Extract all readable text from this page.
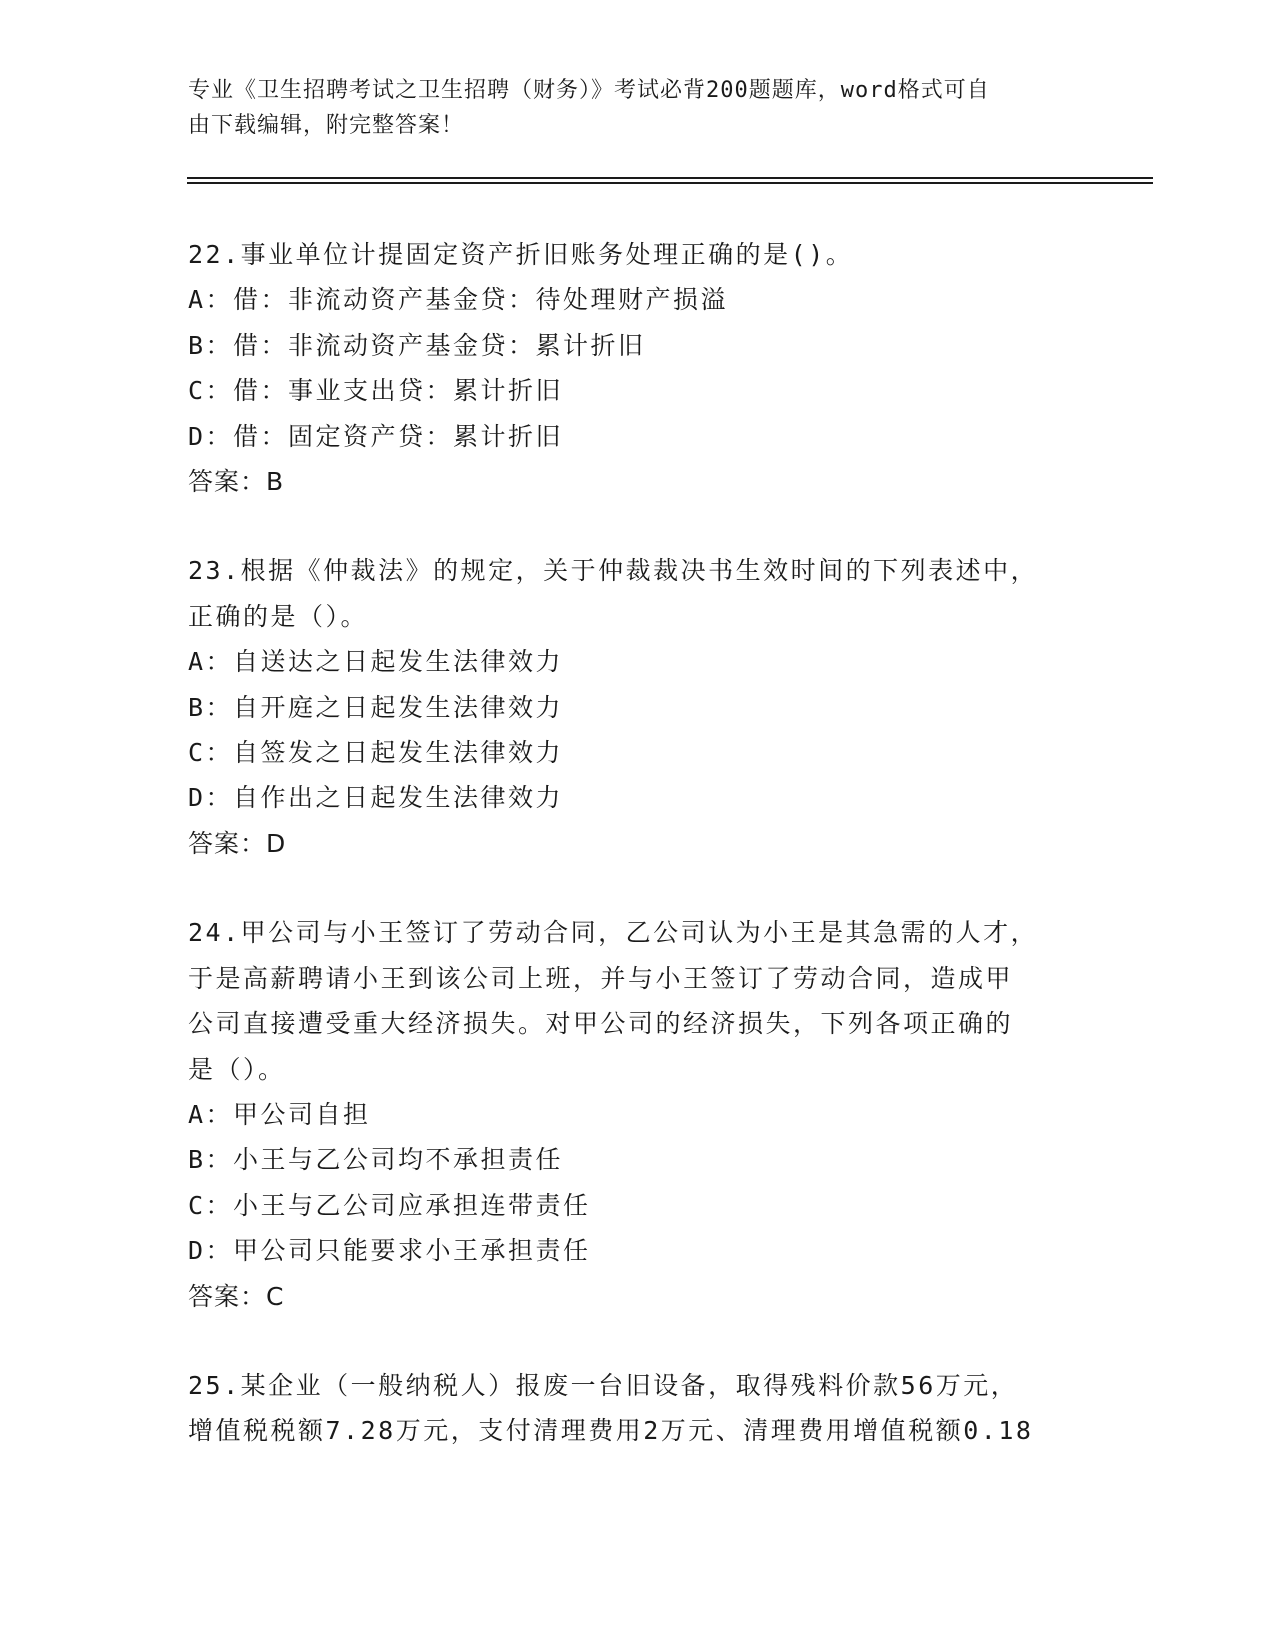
专业《卫生招聘考试之卫生招聘（财务）》考试必背200题题库，word格式可自
由下载编辑，附完整答案！
22.事业单位计提固定资产折旧账务处理正确的是()。
A：借：非流动资产基金贷：待处理财产损溢
B：借：非流动资产基金贷：累计折旧
C：借：事业支出贷：累计折旧
D：借：固定资产贷：累计折旧
答案：B
23.根据《仲裁法》的规定，关于仲裁裁决书生效时间的下列表述中，
正确的是（）。
A：自送达之日起发生法律效力
B：自开庭之日起发生法律效力
C：自签发之日起发生法律效力
D：自作出之日起发生法律效力
答案：D
24.甲公司与小王签订了劳动合同，乙公司认为小王是其急需的人才，
于是高薪聘请小王到该公司上班，并与小王签订了劳动合同，造成甲
公司直接遭受重大经济损失。对甲公司的经济损失，下列各项正确的
是（）。
A：甲公司自担
B：小王与乙公司均不承担责任
C：小王与乙公司应承担连带责任
D：甲公司只能要求小王承担责任
答案：C
25.某企业（一般纳税人）报废一台旧设备，取得残料价款56万元，
增值税税额7.28万元，支付清理费用2万元、清理费用增值税额0.18
